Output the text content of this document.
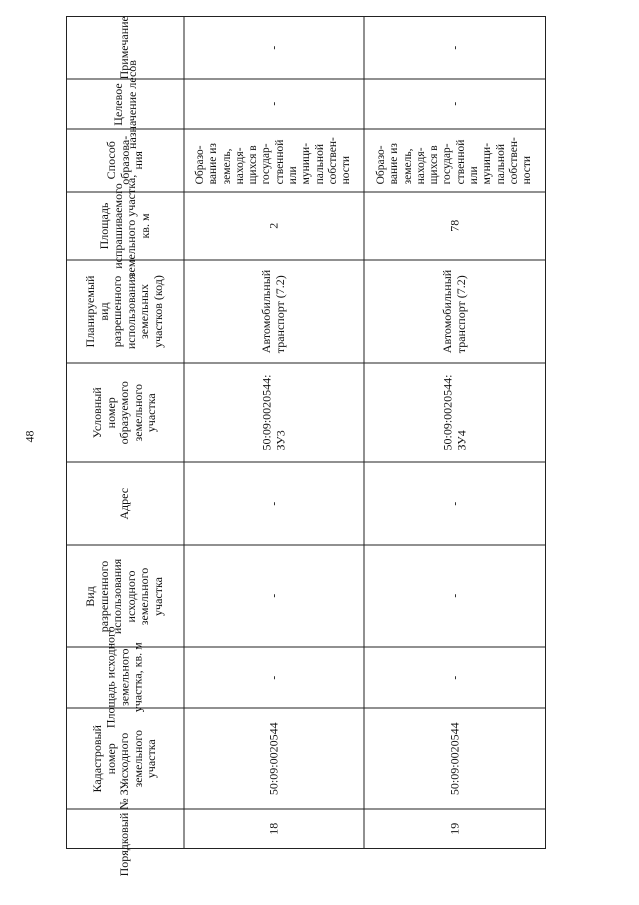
48
Примечание
Целевое
назначение лесов
Способ
образова-
ния
Площадь
испрашиваемого
земельного участка,
кв. м
Планируемый
вид
разрешенного
использования
земельных
участков (код)
Условный
номер
образуемого
земельного
участка
Адрес
Вид
разрешенного
использования
исходного
земельного
участка
Площадь исходного
земельного
участка, кв. м
Кадастровый
номер
исходного
земельного
участка
Порядковый № ЗУ
-
-
Образо-
вание из
земель,
находя-
щихся в
государ-
ственной
или
муници-
пальной
собствен-
ности
2
Автомобильный
транспорт (7.2)
50:09:0020544:
ЗУ3
-
-
-
50:09:0020544
18
-
-
Образо-
вание из
земель,
находя-
щихся в
государ-
ственной
или
муници-
пальной
собствен-
ности
78
Автомобильный
транспорт (7.2)
50:09:0020544:
ЗУ4
-
-
-
50:09:0020544
19
